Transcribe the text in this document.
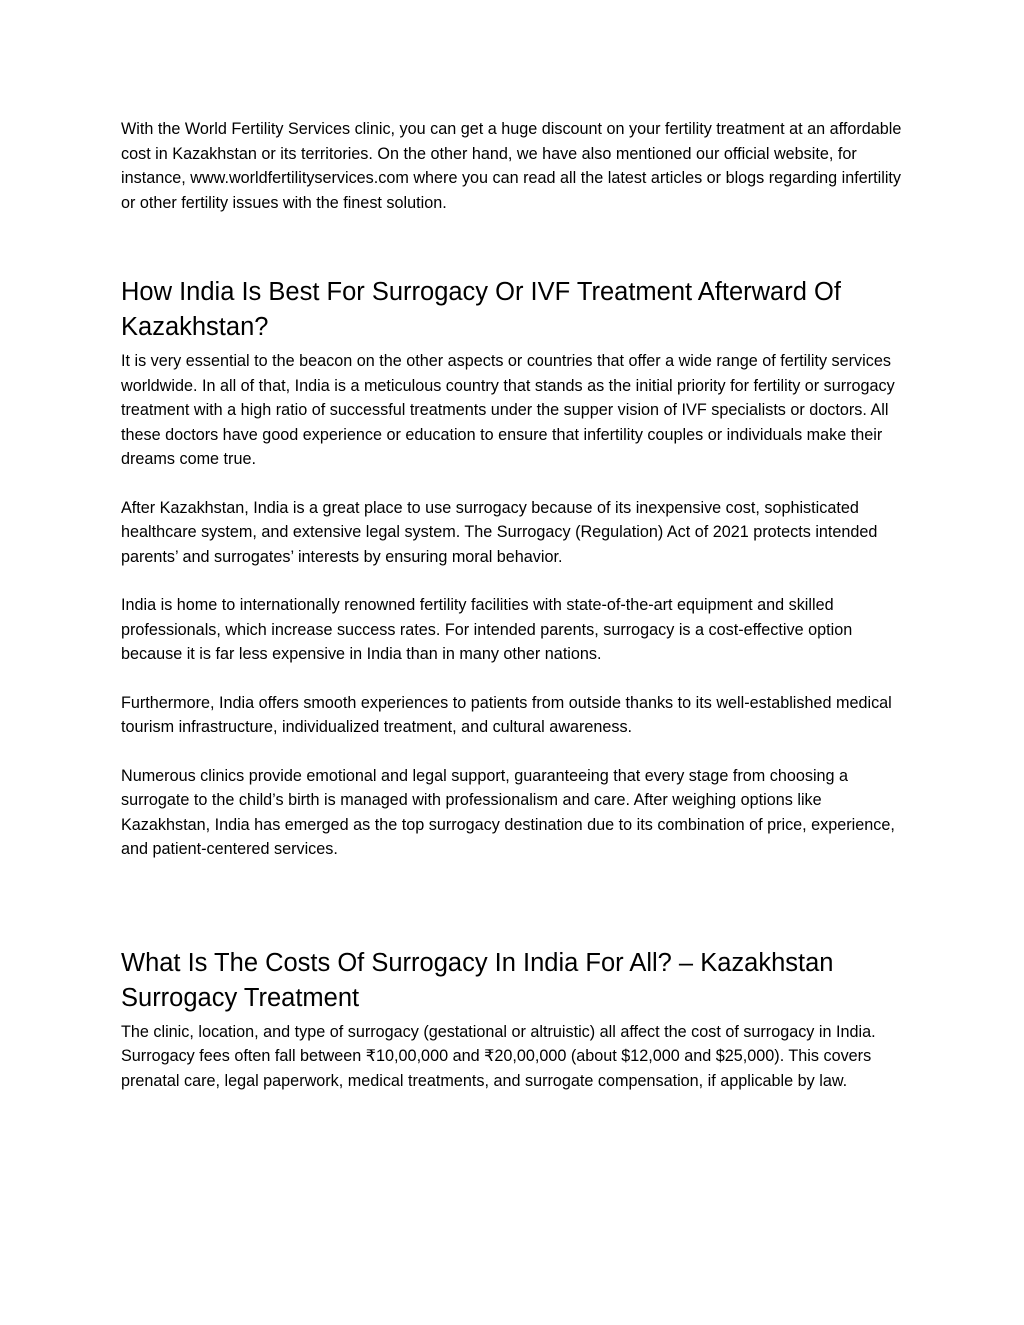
With the World Fertility Services clinic, you can get a huge discount on your fertility treatment at an affordable cost in Kazakhstan or its territories. On the other hand, we have also mentioned our official website, for instance, www.worldfertilityservices.com where you can read all the latest articles or blogs regarding infertility or other fertility issues with the finest solution.

How India Is Best For Surrogacy Or IVF Treatment Afterward Of Kazakhstan?

It is very essential to the beacon on the other aspects or countries that offer a wide range of fertility services worldwide. In all of that, India is a meticulous country that stands as the initial priority for fertility or surrogacy treatment with a high ratio of successful treatments under the supper vision of IVF specialists or doctors. All these doctors have good experience or education to ensure that infertility couples or individuals make their dreams come true.

After Kazakhstan, India is a great place to use surrogacy because of its inexpensive cost, sophisticated healthcare system, and extensive legal system. The Surrogacy (Regulation) Act of 2021 protects intended parents’ and surrogates’ interests by ensuring moral behavior.

India is home to internationally renowned fertility facilities with state-of-the-art equipment and skilled professionals, which increase success rates. For intended parents, surrogacy is a cost-effective option because it is far less expensive in India than in many other nations.

Furthermore, India offers smooth experiences to patients from outside thanks to its well-established medical tourism infrastructure, individualized treatment, and cultural awareness.

Numerous clinics provide emotional and legal support, guaranteeing that every stage from choosing a surrogate to the child’s birth is managed with professionalism and care. After weighing options like Kazakhstan, India has emerged as the top surrogacy destination due to its combination of price, experience, and patient-centered services.

What Is The Costs Of Surrogacy In India For All? – Kazakhstan Surrogacy Treatment

The clinic, location, and type of surrogacy (gestational or altruistic) all affect the cost of surrogacy in India. Surrogacy fees often fall between ₹10,00,000 and ₹20,00,000 (about $12,000 and $25,000). This covers prenatal care, legal paperwork, medical treatments, and surrogate compensation, if applicable by law.
